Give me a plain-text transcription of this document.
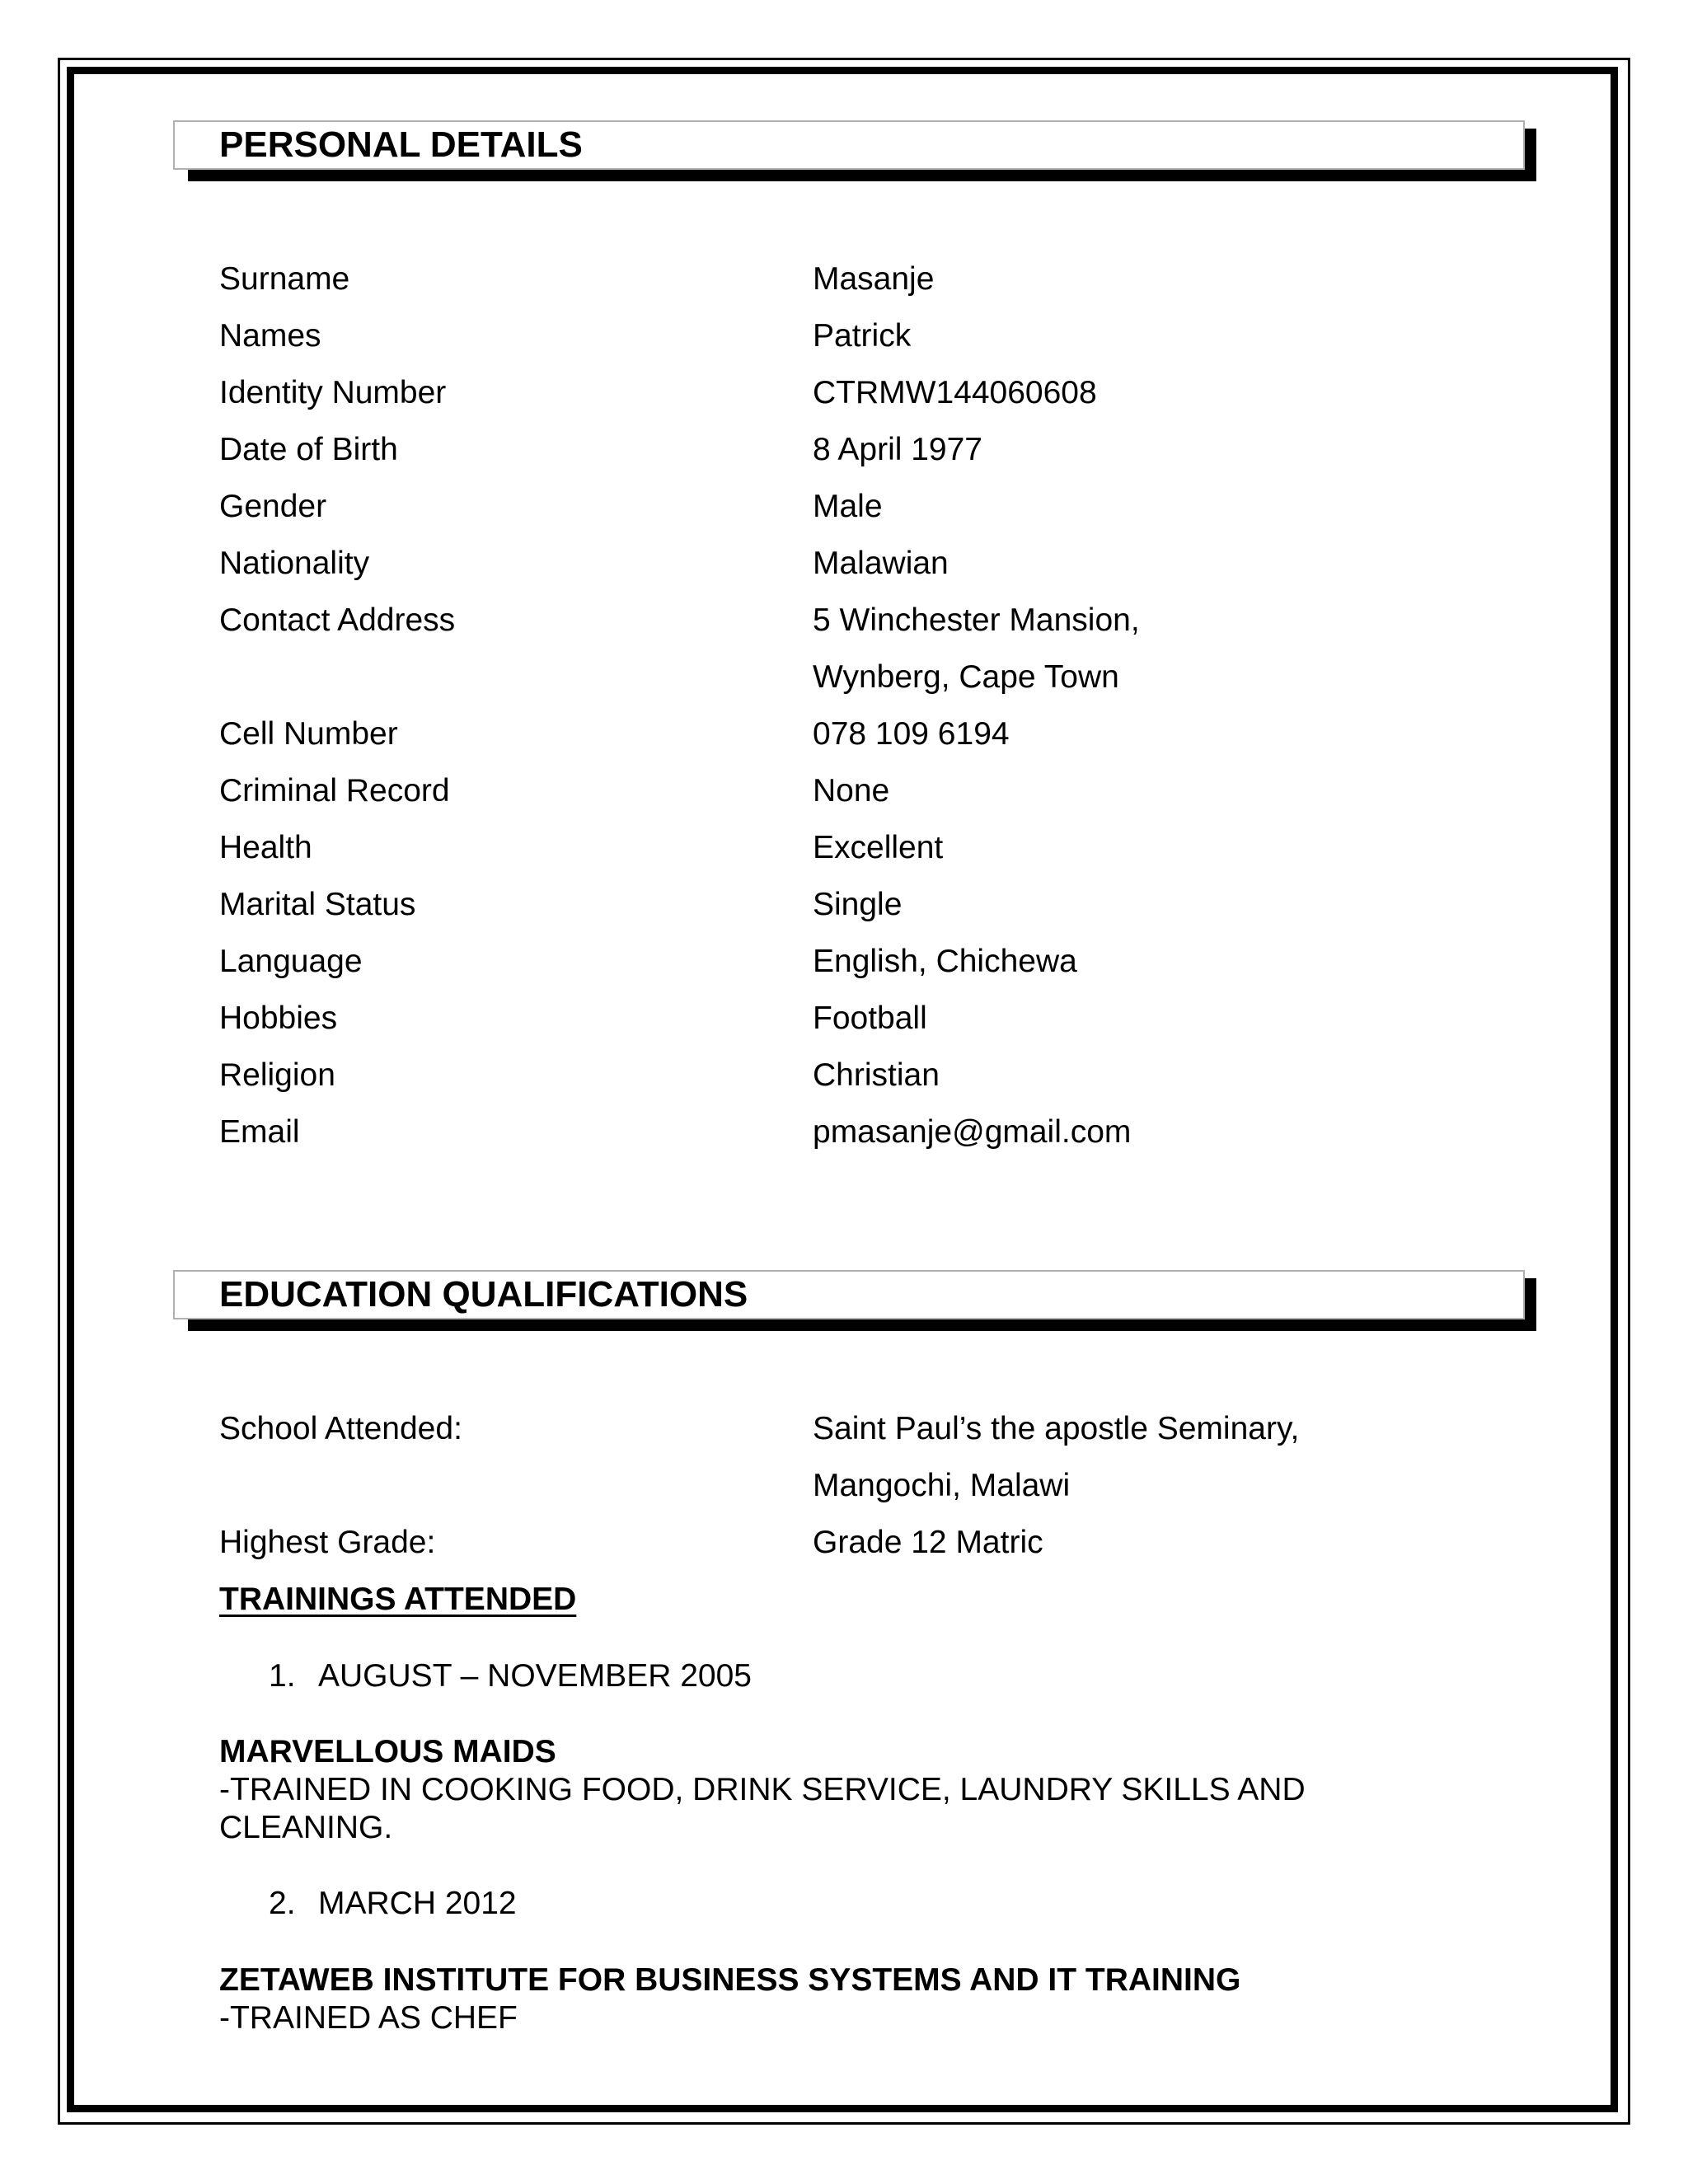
PERSONAL DETAILS
Surname	Masanje
Names	Patrick
Identity Number	CTRMW144060608
Date of Birth	8 April 1977
Gender	Male
Nationality	Malawian
Contact Address	5 Winchester Mansion,
Wynberg, Cape Town
Cell Number	078 109 6194
Criminal Record	None
Health	Excellent
Marital Status	Single
Language	English, Chichewa
Hobbies	Football
Religion	Christian
Email	pmasanje@gmail.com
EDUCATION QUALIFICATIONS
School Attended:	Saint Paul’s the apostle Seminary,
Mangochi, Malawi
Highest Grade:	Grade 12 Matric
TRAININGS ATTENDED
1. AUGUST – NOVEMBER 2005
MARVELLOUS MAIDS
-TRAINED IN COOKING FOOD, DRINK SERVICE, LAUNDRY SKILLS AND CLEANING.
2. MARCH 2012
ZETAWEB INSTITUTE FOR BUSINESS SYSTEMS AND IT TRAINING
-TRAINED AS CHEF
